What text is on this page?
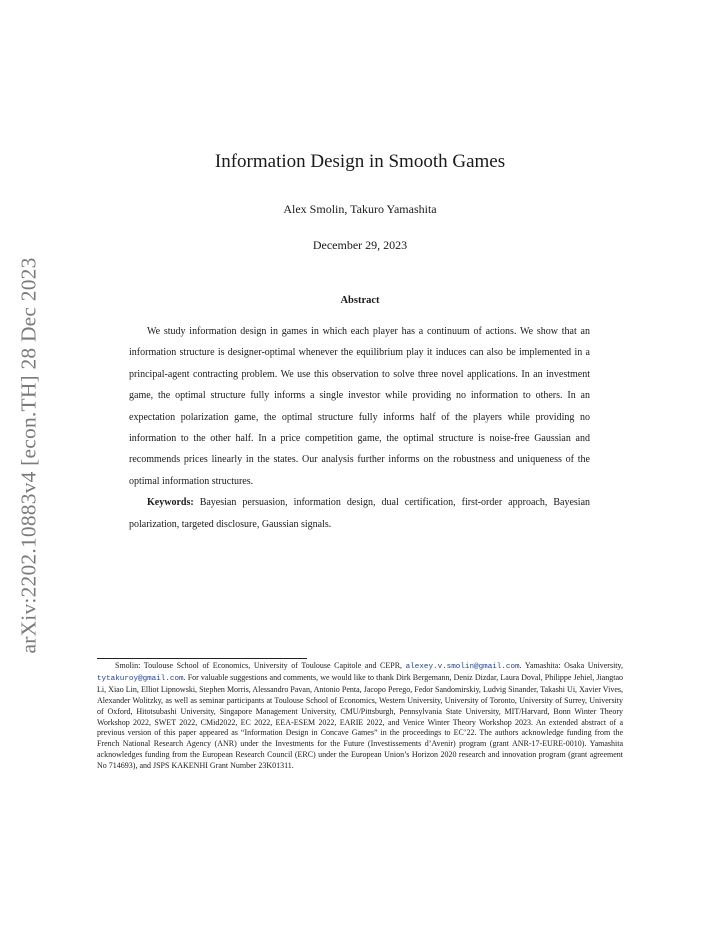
arXiv:2202.10883v4 [econ.TH] 28 Dec 2023
Information Design in Smooth Games
Alex Smolin, Takuro Yamashita
December 29, 2023
Abstract

We study information design in games in which each player has a continuum of actions. We show that an information structure is designer-optimal whenever the equilibrium play it induces can also be implemented in a principal-agent contracting problem. We use this observation to solve three novel applications. In an investment game, the optimal structure fully informs a single investor while providing no information to others. In an expectation polarization game, the optimal structure fully informs half of the players while providing no information to the other half. In a price competition game, the optimal structure is noise-free Gaussian and recommends prices linearly in the states. Our analysis further informs on the robustness and uniqueness of the optimal information structures.

Keywords: Bayesian persuasion, information design, dual certification, first-order approach, Bayesian polarization, targeted disclosure, Gaussian signals.

Smolin: Toulouse School of Economics, University of Toulouse Capitole and CEPR, alexey.v.smolin@gmail.com. Yamashita: Osaka University, tytakuroy@gmail.com. For valuable suggestions and comments, we would like to thank Dirk Bergemann, Deniz Dizdar, Laura Doval, Philippe Jehiel, Jiangtao Li, Xiao Lin, Elliot Lipnowski, Stephen Morris, Alessandro Pavan, Antonio Penta, Jacopo Perego, Fedor Sandomirskiy, Ludvig Sinander, Takashi Ui, Xavier Vives, Alexander Wolitzky, as well as seminar participants at Toulouse School of Economics, Western University, University of Toronto, University of Surrey, University of Oxford, Hitotsubashi University, Singapore Management University, CMU/Pittsburgh, Pennsylvania State University, MIT/Harvard, Bonn Winter Theory Workshop 2022, SWET 2022, CMid2022, EC 2022, EEA-ESEM 2022, EARIE 2022, and Venice Winter Theory Workshop 2023. An extended abstract of a previous version of this paper appeared as “Information Design in Concave Games” in the proceedings to EC’22. The authors acknowledge funding from the French National Research Agency (ANR) under the Investments for the Future (Investissements d’Avenir) program (grant ANR-17-EURE-0010). Yamashita acknowledges funding from the European Research Council (ERC) under the European Union’s Horizon 2020 research and innovation program (grant agreement No 714693), and JSPS KAKENHI Grant Number 23K01311.
